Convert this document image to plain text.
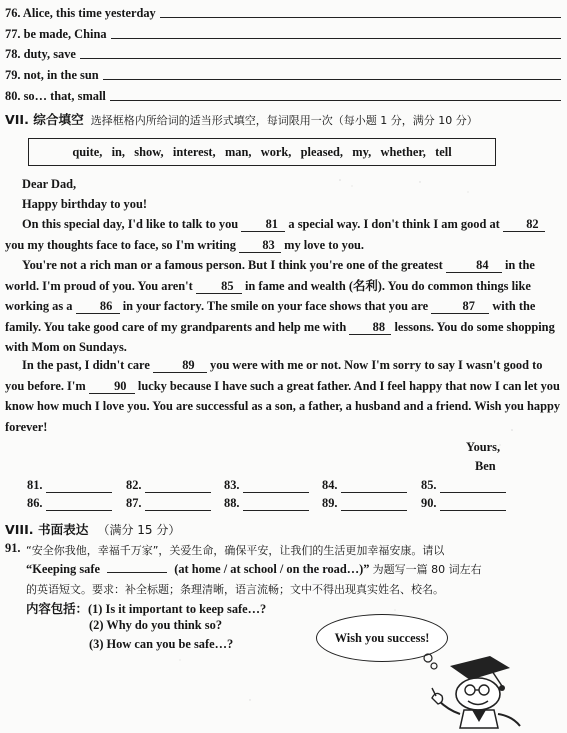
76. Alice, this time yesterday
77. be made, China
78. duty, save
79. not, in the sun
80. so… that, small
VII. 综合填空 选择框格内所给词的适当形式填空，每词限用一次（每小题 1 分，满分 10 分）
quite,   in,   show,   interest,   man,   work,   pleased,   my,   whether,   tell
Dear Dad,
Happy birthday to you!
On this special day, I'd like to talk to you 81 a special way. I don't think I am good at 82 you my thoughts face to face, so I'm writing 83 my love to you.
You're not a rich man or a famous person. But I think you're one of the greatest	84 in the world. I'm proud of you. You aren't 85 in fame and wealth (名利). You do common things like working as a 86 in your factory. The smile on your face shows that you are	87 with the family. You take good care of my grandparents and help me with 88 lessons. You do some shopping with Mom on Sundays.
In the past, I didn't care	89 you were with me or not. Now I'm sorry to say I wasn't good to you before. I'm 90 lucky because I have such a great father. And I feel happy that now I can let you know how much I love you. You are successful as a son, a father, a husband and a friend. Wish you happy forever!
Yours,
Ben
81.	82.	83.	84.	85.
86.	87.	88.	89.	90.
VIII. 书面表达 （满分 15 分）
91. “安全你我他，幸福千万家”，关爱生命，确保平安，让我们的生活更加幸福安康。请以
“Keeping safe	(at home / at school / on the road…)” 为题写一篇 80 词左右
的英语短文。要求：补全标题；条理清晰，语言流畅；文中不得出现真实姓名、校名。
内容包括：(1) Is it important to keep safe…?
(2) Why do you think so?
(3) How can you be safe…?	Wish you success!
